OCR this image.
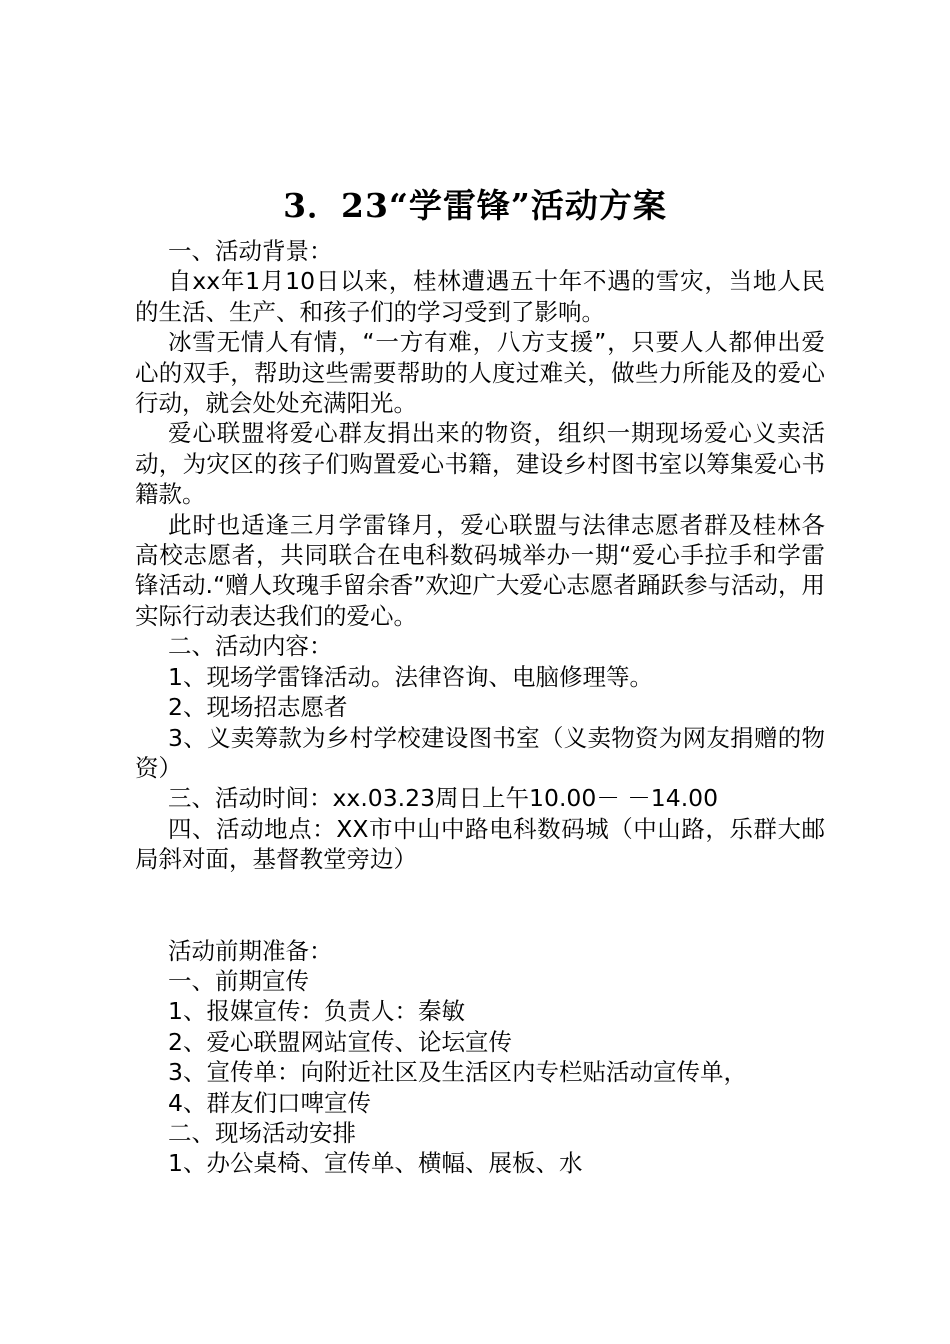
3．23“学雷锋”活动方案

一、活动背景：

自xx年1月10日以来，桂林遭遇五十年不遇的雪灾，当地人民的生活、生产、和孩子们的学习受到了影响。

冰雪无情人有情，“一方有难，八方支援”，只要人人都伸出爱心的双手，帮助这些需要帮助的人度过难关，做些力所能及的爱心行动，就会处处充满阳光。

爱心联盟将爱心群友捐出来的物资，组织一期现场爱心义卖活动，为灾区的孩子们购置爱心书籍，建设乡村图书室以筹集爱心书籍款。

此时也适逢三月学雷锋月，爱心联盟与法律志愿者群及桂林各高校志愿者，共同联合在电科数码城举办一期“爱心手拉手和学雷锋活动.“赠人玫瑰手留余香”欢迎广大爱心志愿者踊跃参与活动，用实际行动表达我们的爱心。

二、活动内容：

1、现场学雷锋活动。法律咨询、电脑修理等。

2、现场招志愿者

3、义卖筹款为乡村学校建设图书室（义卖物资为网友捐赠的物资）

三、活动时间：xx.03.23周日上午10.00－ －14.00

四、活动地点：XX市中山中路电科数码城（中山路，乐群大邮局斜对面，基督教堂旁边）

活动前期准备：

一、前期宣传

1、报媒宣传：负责人：秦敏

2、爱心联盟网站宣传、论坛宣传

3、宣传单：向附近社区及生活区内专栏贴活动宣传单，

4、群友们口啤宣传

二、现场活动安排

1、办公桌椅、宣传单、横幅、展板、水
